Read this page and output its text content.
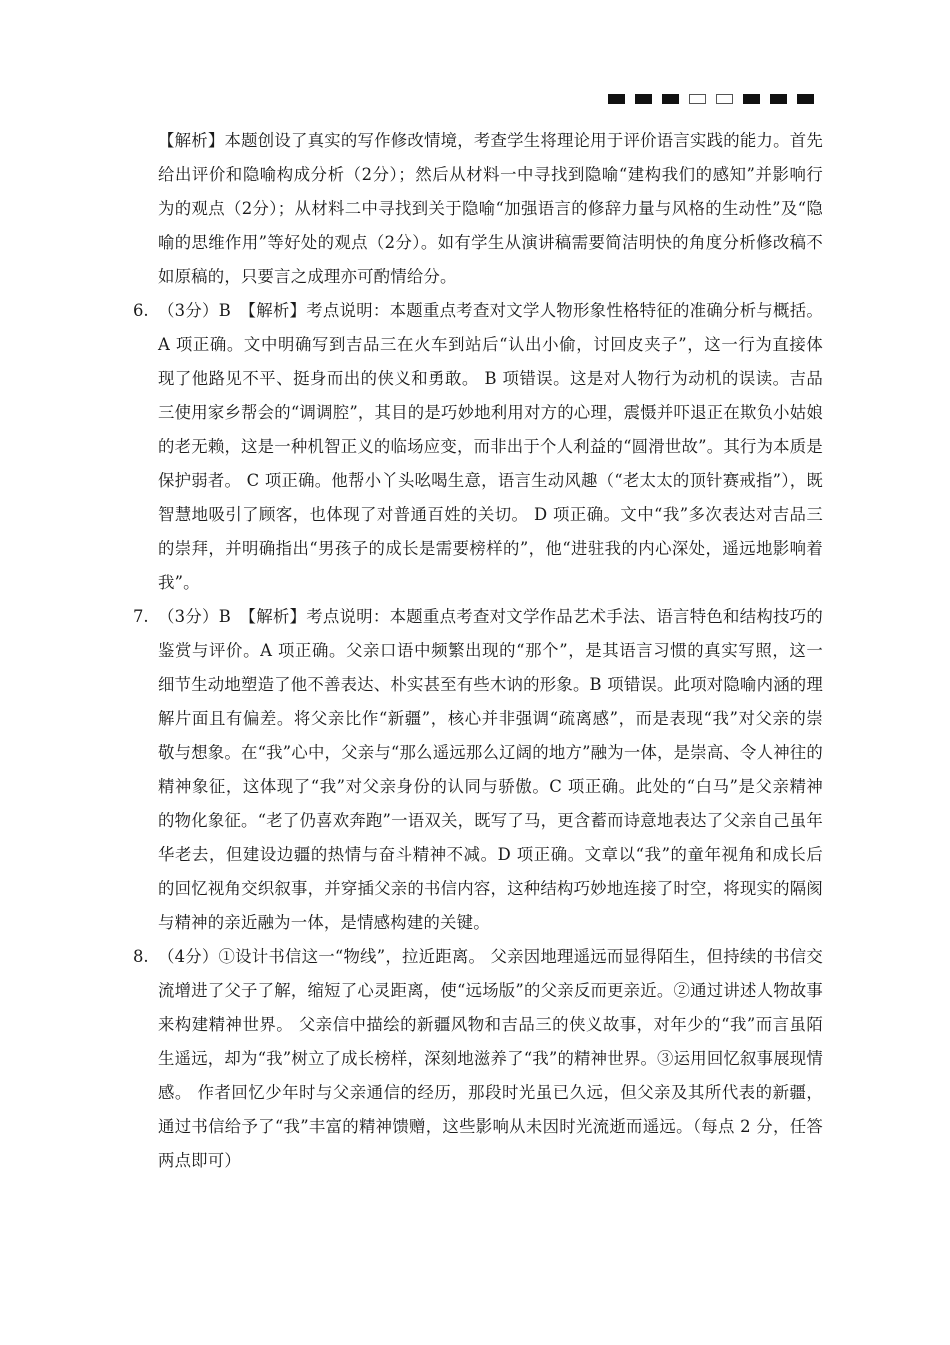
【解析】本题创设了真实的写作修改情境，考查学生将理论用于评价语言实践的能力。首先给出评价和隐喻构成分析（2分）；然后从材料一中寻找到隐喻“建构我们的感知”并影响行为的观点（2分）；从材料二中寻找到关于隐喻“加强语言的修辞力量与风格的生动性”及“隐喻的思维作用”等好处的观点（2分）。如有学生从演讲稿需要简洁明快的角度分析修改稿不如原稿的，只要言之成理亦可酌情给分。
6. （3分）B　【解析】考点说明：本题重点考查对文学人物形象性格特征的准确分析与概括。A 项正确。文中明确写到吉品三在火车到站后“认出小偷，讨回皮夹子”，这一行为直接体现了他路见不平、挺身而出的侠义和勇敢。 B 项错误。这是对人物行为动机的误读。吉品三使用家乡帮会的“调调腔”，其目的是巧妙地利用对方的心理，震慑并吓退正在欺负小姑娘的老无赖，这是一种机智正义的临场应变，而非出于个人利益的“圆滑世故”。其行为本质是保护弱者。 C 项正确。他帮小丫头吆喝生意，语言生动风趣（“老太太的顶针赛戒指”），既智慧地吸引了顾客，也体现了对普通百姓的关切。 D 项正确。文中“我”多次表达对吉品三的崇拜，并明确指出“男孩子的成长是需要榜样的”，他“进驻我的内心深处，遥远地影响着我”。
7. （3分）B　【解析】考点说明：本题重点考查对文学作品艺术手法、语言特色和结构技巧的鉴赏与评价。A 项正确。父亲口语中频繁出现的“那个”，是其语言习惯的真实写照，这一细节生动地塑造了他不善表达、朴实甚至有些木讷的形象。B 项错误。此项对隐喻内涵的理解片面且有偏差。将父亲比作“新疆”，核心并非强调“疏离感”，而是表现“我”对父亲的崇敬与想象。在“我”心中，父亲与“那么遥远那么辽阔的地方”融为一体，是崇高、令人神往的精神象征，这体现了“我”对父亲身份的认同与骄傲。C 项正确。此处的“白马”是父亲精神的物化象征。“老了仍喜欢奔跑”一语双关，既写了马，更含蓄而诗意地表达了父亲自己虽年华老去，但建设边疆的热情与奋斗精神不减。D 项正确。文章以“我”的童年视角和成长后的回忆视角交织叙事，并穿插父亲的书信内容，这种结构巧妙地连接了时空，将现实的隔阂与精神的亲近融为一体，是情感构建的关键。
8. （4分）①设计书信这一“物线”，拉近距离。 父亲因地理遥远而显得陌生，但持续的书信交流增进了父子了解，缩短了心灵距离，使“远场版”的父亲反而更亲近。②通过讲述人物故事来构建精神世界。 父亲信中描绘的新疆风物和吉品三的侠义故事，对年少的“我”而言虽陌生遥远，却为“我”树立了成长榜样，深刻地滋养了“我”的精神世界。③运用回忆叙事展现情感。 作者回忆少年时与父亲通信的经历，那段时光虽已久远，但父亲及其所代表的新疆，通过书信给予了“我”丰富的精神馈赠，这些影响从未因时光流逝而遥远。（每点 2 分，任答两点即可）
